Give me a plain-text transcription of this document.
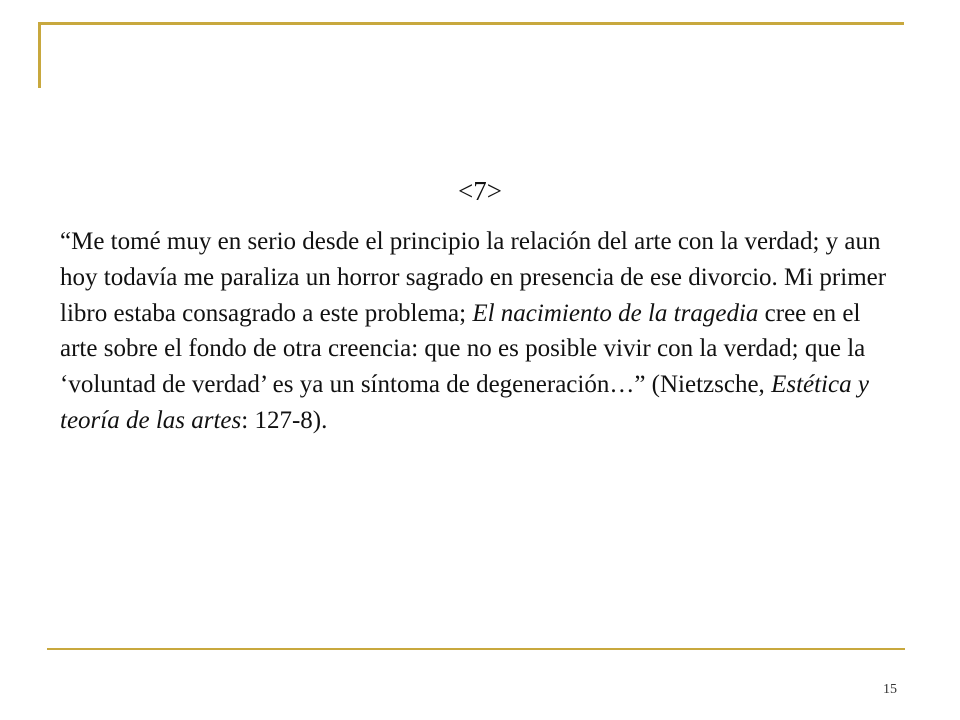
<7>

“Me tomé muy en serio desde el principio la relación del arte con la verdad; y aun hoy todavía me paraliza un horror sagrado en presencia de ese divorcio. Mi primer libro estaba consagrado a este problema; El nacimiento de la tragedia cree en el arte sobre el fondo de otra creencia: que no es posible vivir con la verdad; que la ‘voluntad de verdad’ es ya un síntoma de degeneración…” (Nietzsche, Estética y teoría de las artes: 127-8).

15
